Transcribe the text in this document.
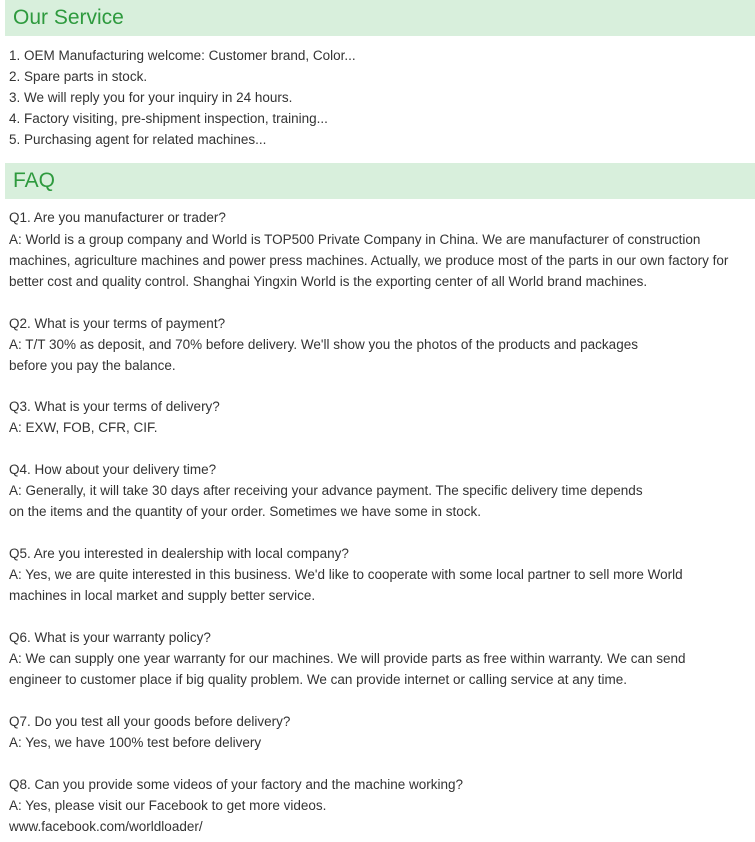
Our Service
1. OEM Manufacturing welcome: Customer brand, Color...
2. Spare parts in stock.
3. We will reply you for your inquiry in 24 hours.
4. Factory visiting, pre-shipment inspection, training...
5. Purchasing agent for related machines...
FAQ
Q1. Are you manufacturer or trader?
A: World is a group company and World is TOP500 Private Company in China. We are manufacturer of construction
machines, agriculture machines and power press machines. Actually, we produce most of the parts in our own factory for
better cost and quality control. Shanghai Yingxin World is the exporting center of all World brand machines.
Q2. What is your terms of payment?
A: T/T 30% as deposit, and 70% before delivery. We'll show you the photos of the products and packages
before you pay the balance.
Q3. What is your terms of delivery?
A: EXW, FOB, CFR, CIF.
Q4. How about your delivery time?
A: Generally, it will take 30 days after receiving your advance payment. The specific delivery time depends
on the items and the quantity of your order. Sometimes we have some in stock.
Q5. Are you interested in dealership with local company?
A: Yes, we are quite interested in this business. We'd like to cooperate with some local partner to sell more World
machines in local market and supply better service.
Q6. What is your warranty policy?
A: We can supply one year warranty for our machines. We will provide parts as free within warranty. We can send
engineer to customer place if big quality problem. We can provide internet or calling service at any time.
Q7. Do you test all your goods before delivery?
A: Yes, we have 100% test before delivery
Q8. Can you provide some videos of your factory and the machine working?
A: Yes, please visit our Facebook to get more videos.
www.facebook.com/worldloader/
